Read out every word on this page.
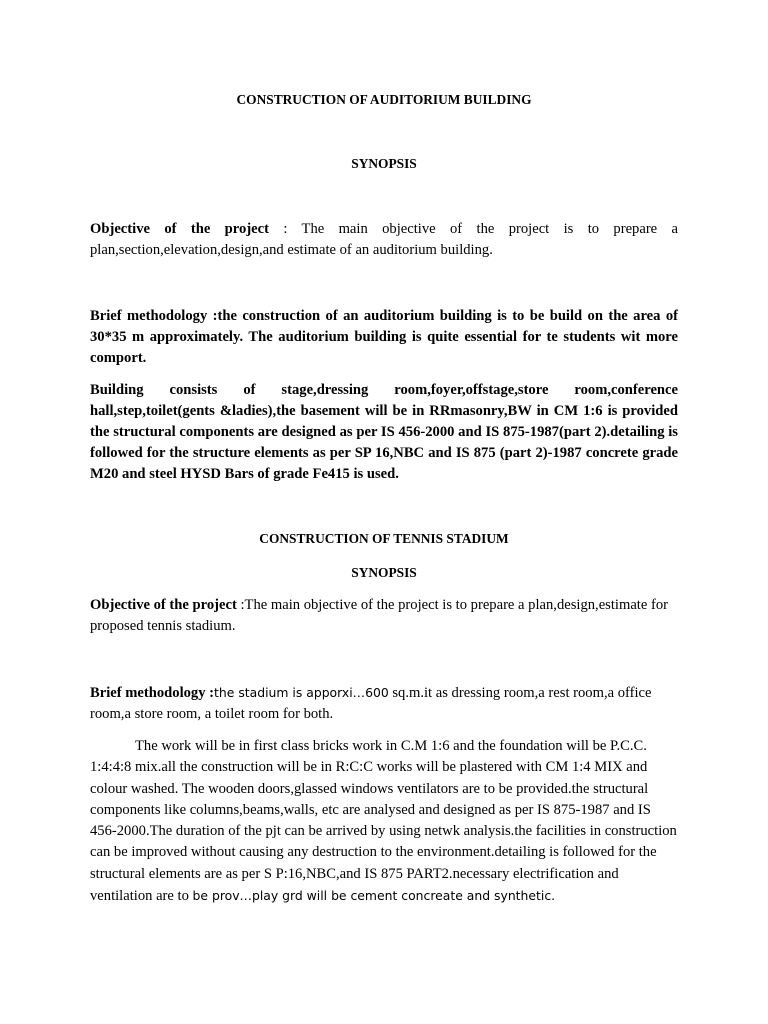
CONSTRUCTION OF AUDITORIUM BUILDING
SYNOPSIS

Objective of the project : The main objective of the project is to prepare a plan,section,elevation,design,and estimate of an auditorium building.

Brief methodology :the construction of an auditorium building is to be build on the area of 30*35 m approximately. The auditorium building is quite essential for te students wit more comport.

Building consists of stage,dressing room,foyer,offstage,store room,conference hall,step,toilet(gents &ladies),the basement will be in RRmasonry,BW in CM 1:6 is provided the structural components are designed as per IS 456-2000 and IS 875-1987(part 2).detailing is followed for the structure elements as per SP 16,NBC and IS 875 (part 2)-1987 concrete grade M20 and steel HYSD Bars of grade Fe415 is used.

CONSTRUCTION OF TENNIS STADIUM
SYNOPSIS

Objective of the project :The main objective of the project is to prepare a plan,design,estimate for proposed tennis stadium.

Brief methodology :the stadium is apporxi…600 sq.m.it as dressing room,a rest room,a office room,a store room, a toilet room for both.

The work will be in first class bricks work in C.M 1:6 and the foundation will be P.C.C. 1:4:4:8 mix.all the construction will be in R:C:C works will be plastered with CM 1:4 MIX and colour washed. The wooden doors,glassed windows ventilators are to be provided.the structural components like columns,beams,walls, etc are analysed and designed as per IS 875-1987 and IS 456-2000.The duration of the pjt can be arrived by using netwk analysis.the facilities in construction can be improved without causing any destruction to the environment.detailing is followed for the structural elements are as per S P:16,NBC,and IS 875 PART2.necessary electrification and ventilation are to be prov…play grd will be cement concreate and synthetic.
